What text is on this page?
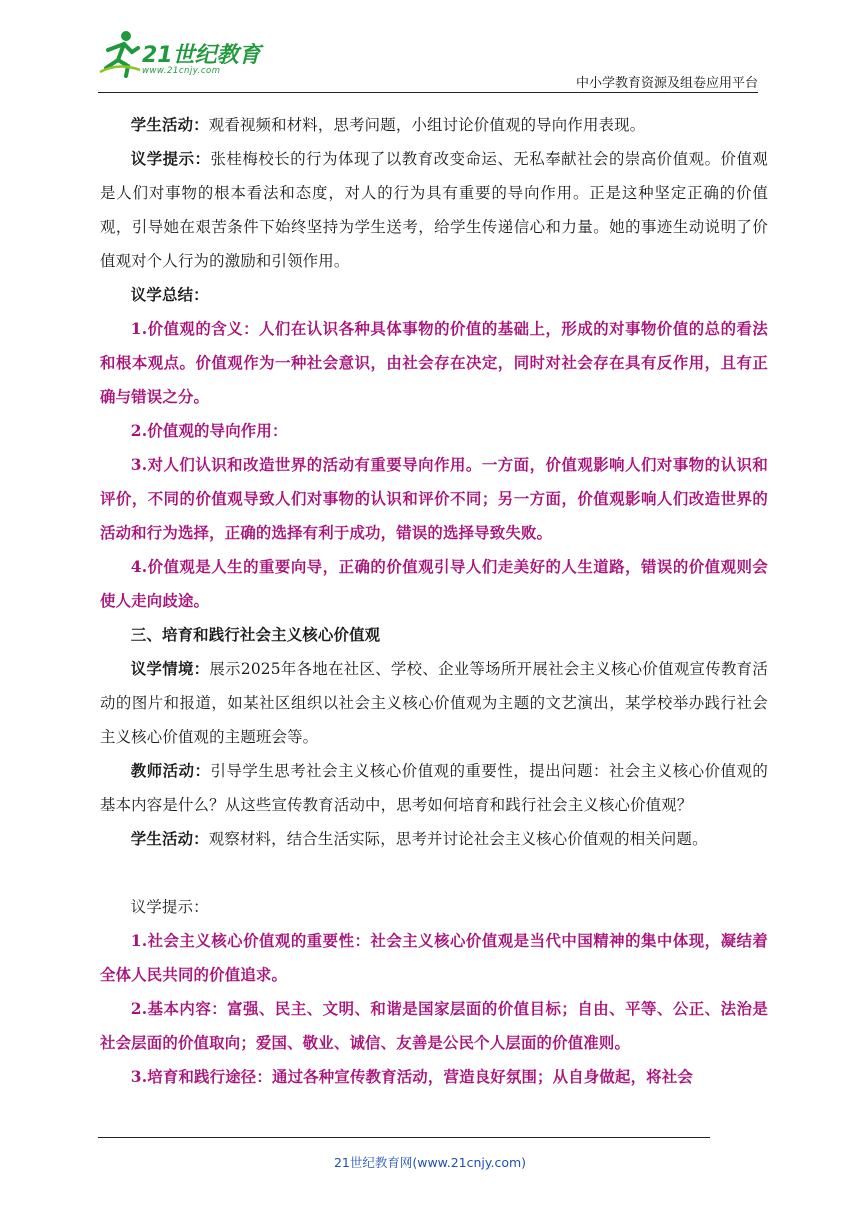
21世纪教育
www.21cnjy.com
中小学教育资源及组卷应用平台

学生活动：观看视频和材料，思考问题，小组讨论价值观的导向作用表现。

议学提示：张桂梅校长的行为体现了以教育改变命运、无私奉献社会的崇高价值观。价值观是人们对事物的根本看法和态度，对人的行为具有重要的导向作用。正是这种坚定正确的价值观，引导她在艰苦条件下始终坚持为学生送考，给学生传递信心和力量。她的事迹生动说明了价值观对个人行为的激励和引领作用。

议学总结：

1.价值观的含义：人们在认识各种具体事物的价值的基础上，形成的对事物价值的总的看法和根本观点。价值观作为一种社会意识，由社会存在决定，同时对社会存在具有反作用，且有正确与错误之分。

2.价值观的导向作用：

3.对人们认识和改造世界的活动有重要导向作用。一方面，价值观影响人们对事物的认识和评价，不同的价值观导致人们对事物的认识和评价不同；另一方面，价值观影响人们改造世界的活动和行为选择，正确的选择有利于成功，错误的选择导致失败。

4.价值观是人生的重要向导，正确的价值观引导人们走美好的人生道路，错误的价值观则会使人走向歧途。

三、培育和践行社会主义核心价值观

议学情境：展示2025年各地在社区、学校、企业等场所开展社会主义核心价值观宣传教育活动的图片和报道，如某社区组织以社会主义核心价值观为主题的文艺演出，某学校举办践行社会主义核心价值观的主题班会等。

教师活动：引导学生思考社会主义核心价值观的重要性，提出问题：社会主义核心价值观的基本内容是什么？从这些宣传教育活动中，思考如何培育和践行社会主义核心价值观？

学生活动：观察材料，结合生活实际，思考并讨论社会主义核心价值观的相关问题。

议学提示：

1.社会主义核心价值观的重要性：社会主义核心价值观是当代中国精神的集中体现，凝结着全体人民共同的价值追求。

2.基本内容：富强、民主、文明、和谐是国家层面的价值目标；自由、平等、公正、法治是社会层面的价值取向；爱国、敬业、诚信、友善是公民个人层面的价值准则。

3.培育和践行途径：通过各种宣传教育活动，营造良好氛围；从自身做起，将社会

21世纪教育网(www.21cnjy.com)
